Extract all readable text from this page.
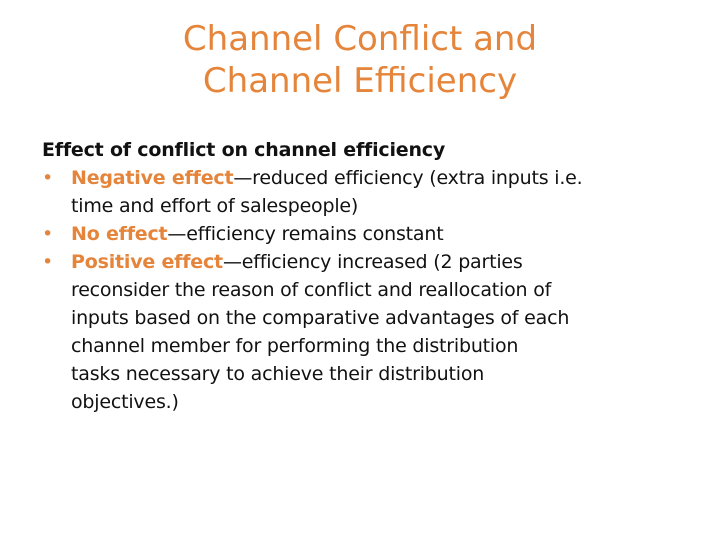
Channel Conflict and
Channel Efficiency

Effect of conflict on channel efficiency

• Negative effect—reduced efficiency (extra inputs i.e.
time and effort of salespeople)
• No effect—efficiency remains constant
• Positive effect—efficiency increased (2 parties
reconsider the reason of conflict and reallocation of
inputs based on the comparative advantages of each
channel member for performing the distribution
tasks necessary to achieve their distribution
objectives.)
